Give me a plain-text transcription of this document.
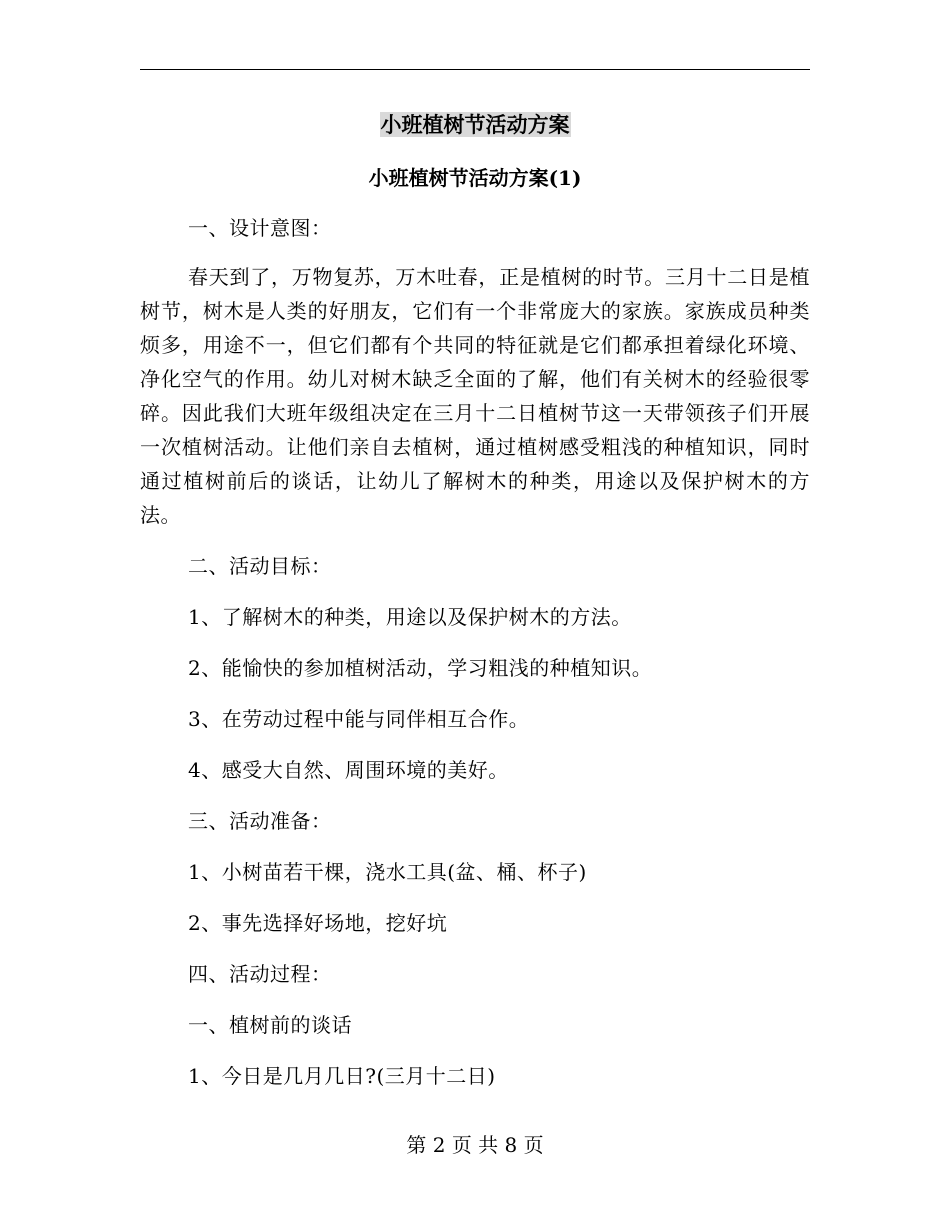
小班植树节活动方案
小班植树节活动方案(1)

一、设计意图：

春天到了，万物复苏，万木吐春，正是植树的时节。三月十二日是植树节，树木是人类的好朋友，它们有一个非常庞大的家族。家族成员种类烦多，用途不一，但它们都有个共同的特征就是它们都承担着绿化环境、净化空气的作用。幼儿对树木缺乏全面的了解，他们有关树木的经验很零碎。因此我们大班年级组决定在三月十二日植树节这一天带领孩子们开展一次植树活动。让他们亲自去植树，通过植树感受粗浅的种植知识，同时通过植树前后的谈话，让幼儿了解树木的种类，用途以及保护树木的方法。

二、活动目标：

1、了解树木的种类，用途以及保护树木的方法。

2、能愉快的参加植树活动，学习粗浅的种植知识。

3、在劳动过程中能与同伴相互合作。

4、感受大自然、周围环境的美好。

三、活动准备：

1、小树苗若干棵，浇水工具(盆、桶、杯子)

2、事先选择好场地，挖好坑

四、活动过程：

一、植树前的谈话

1、今日是几月几日?(三月十二日)

第 2 页 共 8 页
